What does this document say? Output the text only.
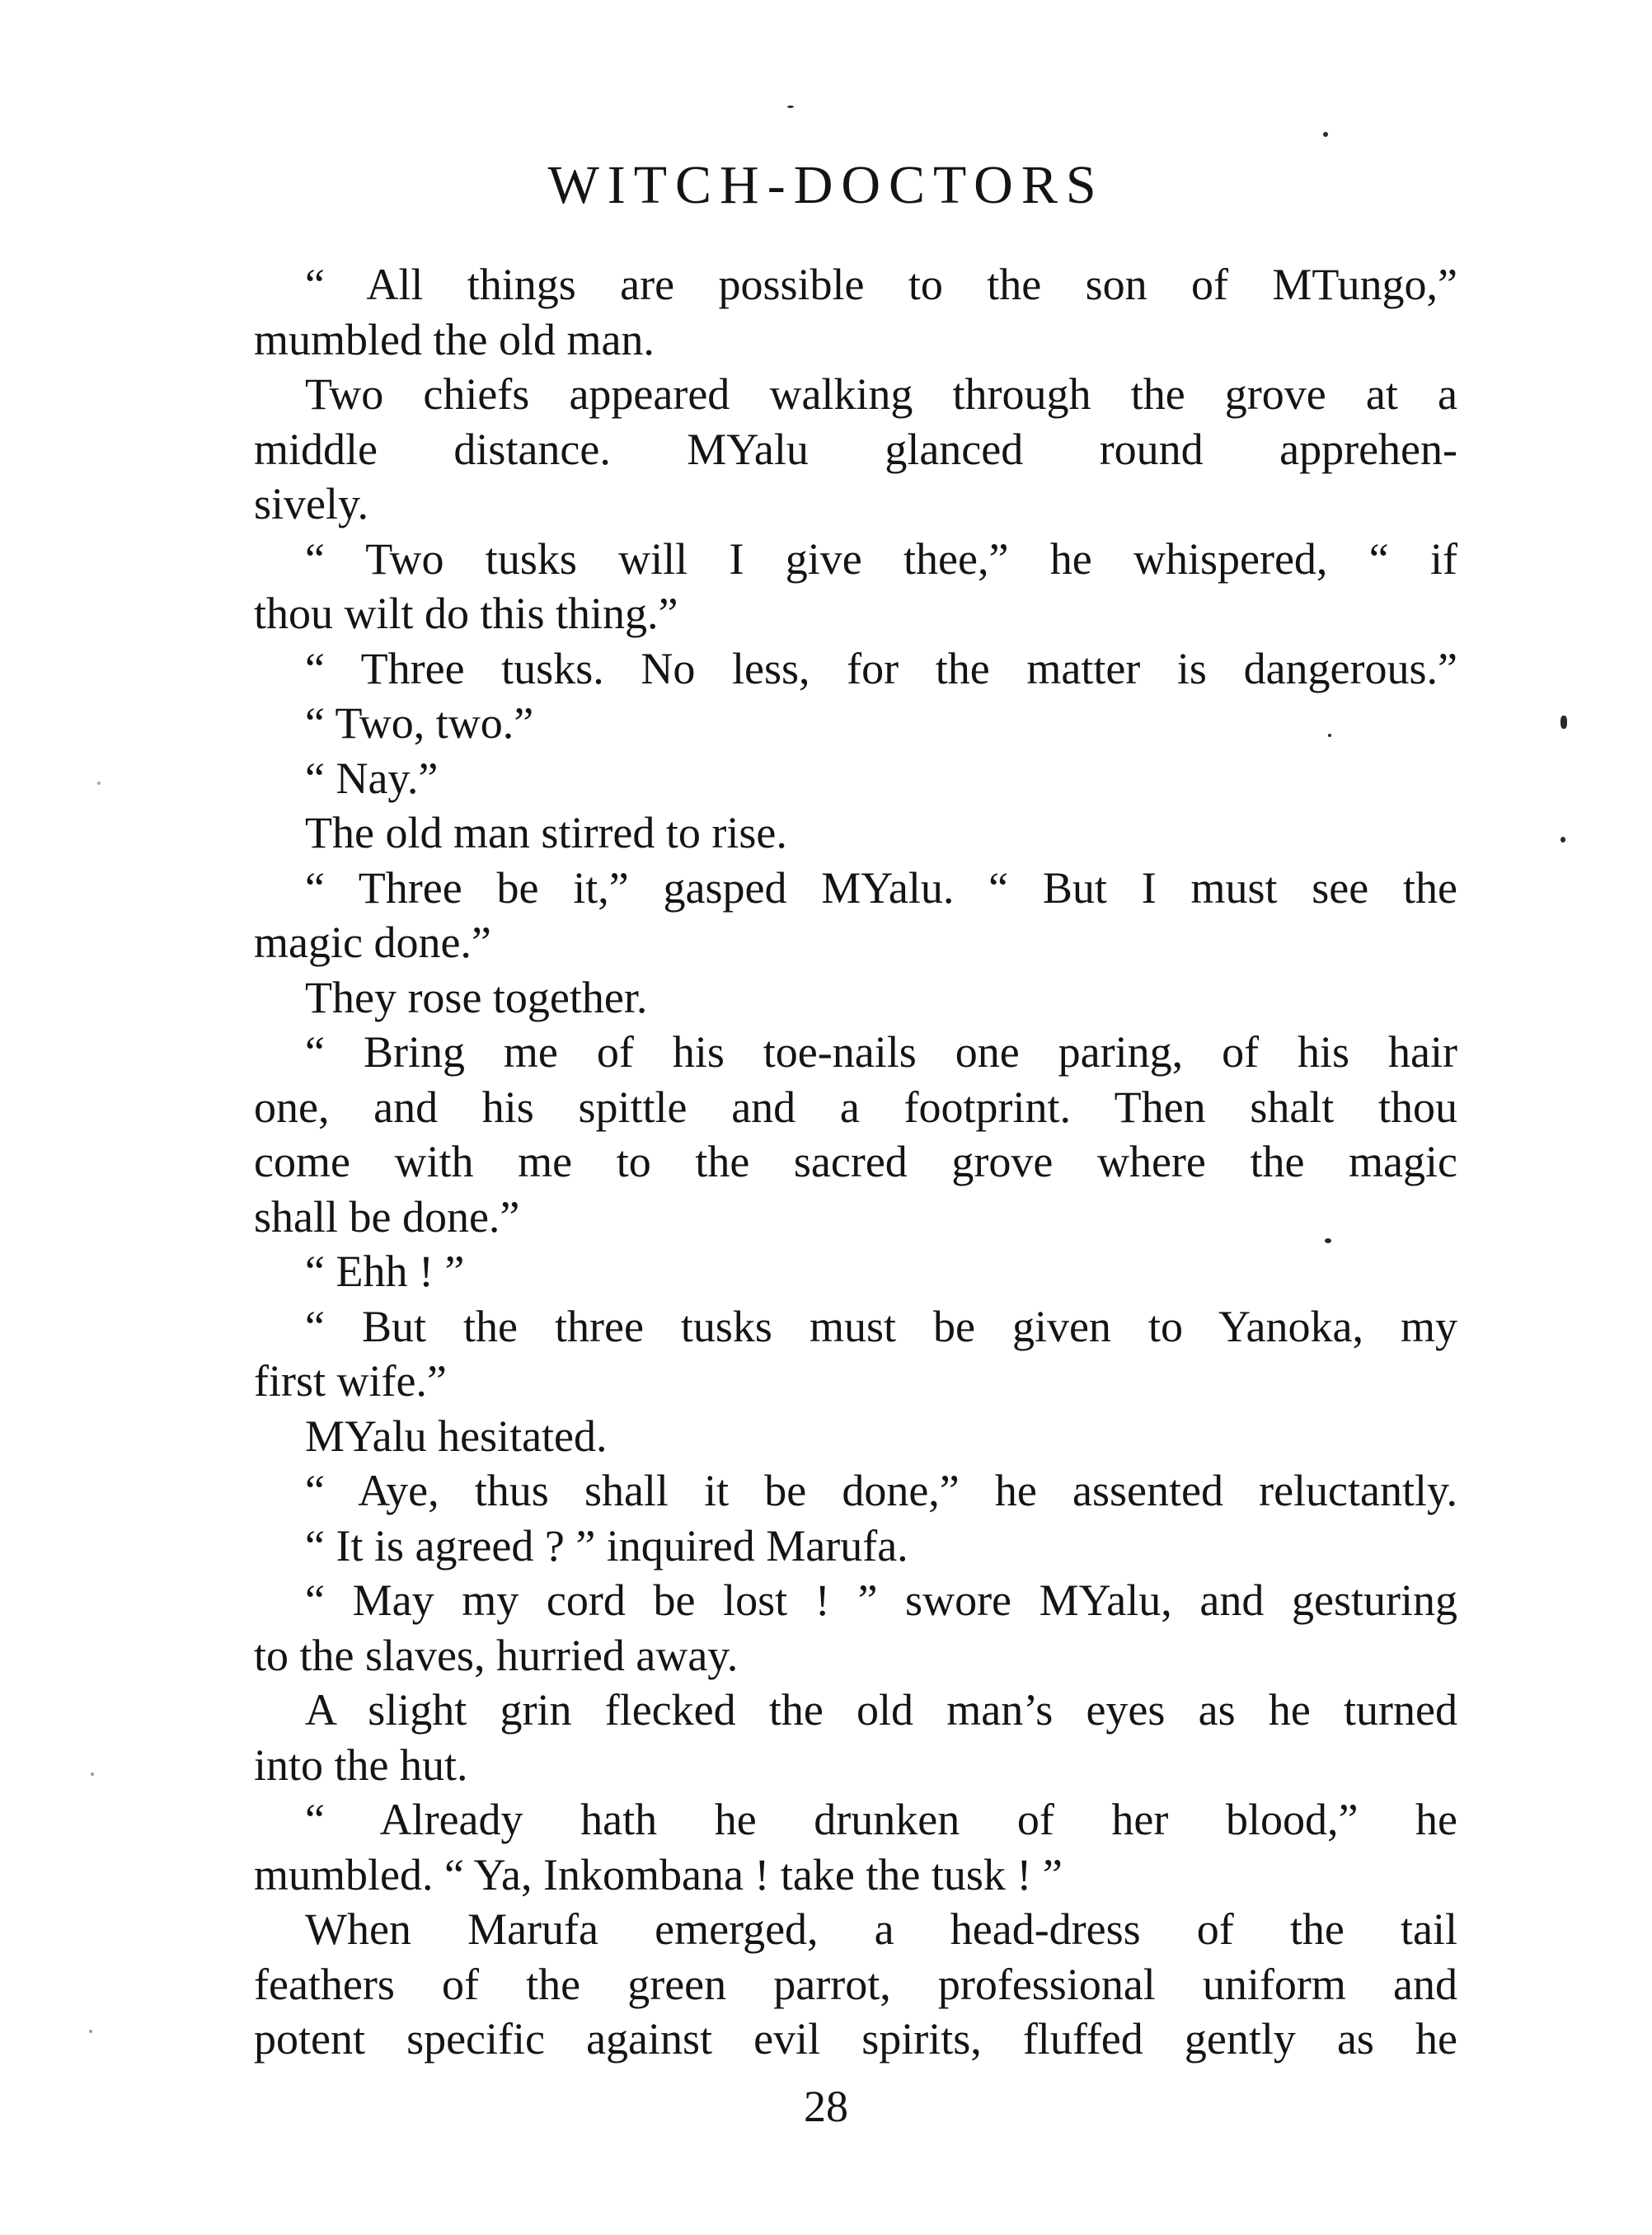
WITCH-DOCTORS
“ All things are possible to the son of MTungo,”
mumbled the old man.
Two chiefs appeared walking through the grove at a
middle distance. MYalu glanced round apprehen-
sively.
“ Two tusks will I give thee,” he whispered, “ if
thou wilt do this thing.”
“ Three tusks. No less, for the matter is dangerous.”
“ Two, two.”
“ Nay.”
The old man stirred to rise.
“ Three be it,” gasped MYalu. “ But I must see the
magic done.”
They rose together.
“ Bring me of his toe-nails one paring, of his hair
one, and his spittle and a footprint. Then shalt thou
come with me to the sacred grove where the magic
shall be done.”
“ Ehh ! ”
“ But the three tusks must be given to Yanoka, my
first wife.”
MYalu hesitated.
“ Aye, thus shall it be done,” he assented reluctantly.
“ It is agreed ? ” inquired Marufa.
“ May my cord be lost ! ” swore MYalu, and gesturing
to the slaves, hurried away.
A slight grin flecked the old man’s eyes as he turned
into the hut.
“ Already hath he drunken of her blood,” he
mumbled. “ Ya, Inkombana ! take the tusk ! ”
When Marufa emerged, a head-dress of the tail
feathers of the green parrot, professional uniform and
potent specific against evil spirits, fluffed gently as he
28
